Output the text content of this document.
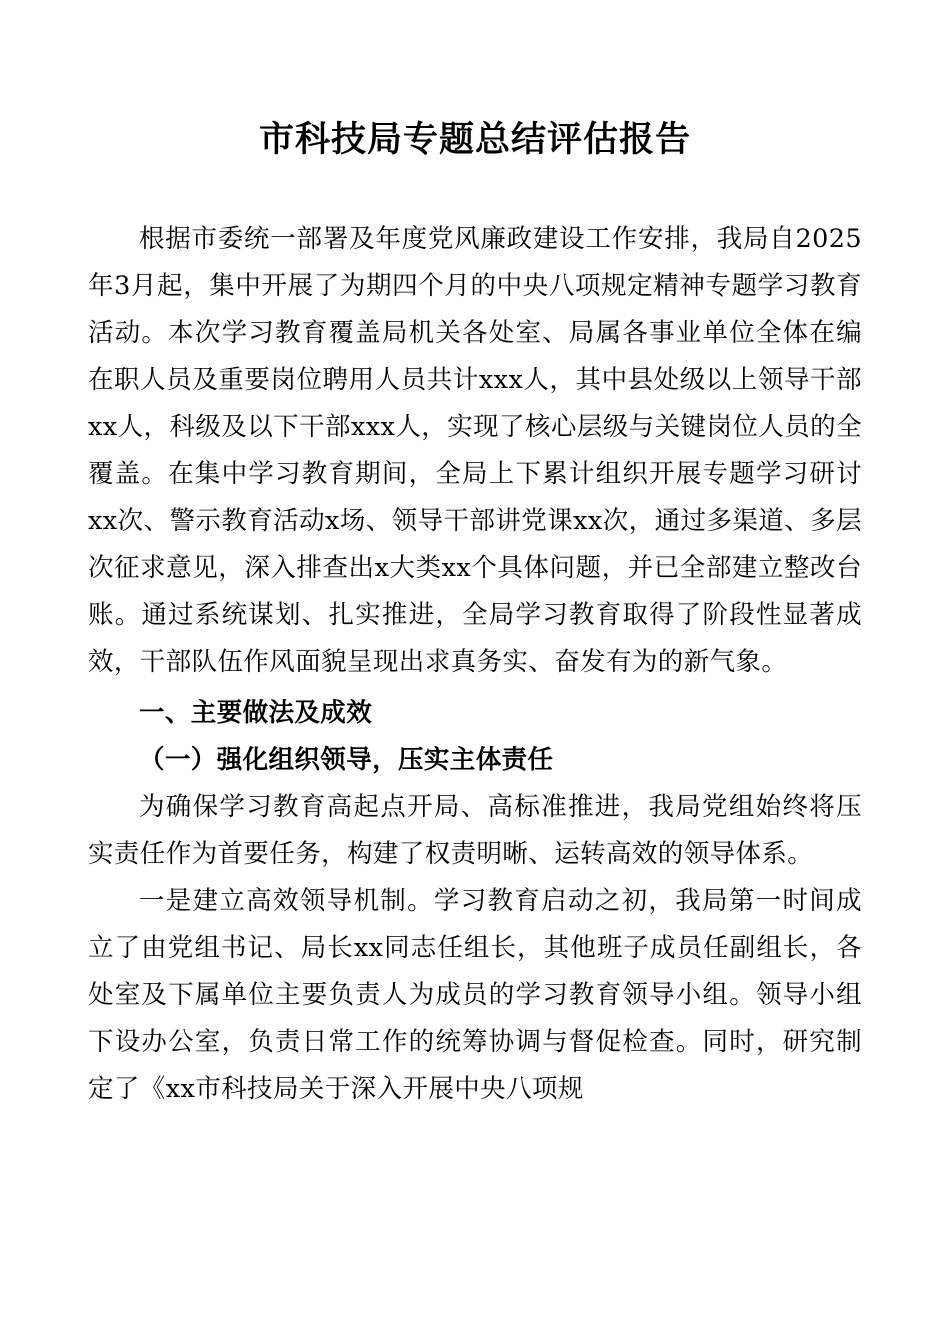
市科技局专题总结评估报告

根据市委统一部署及年度党风廉政建设工作安排，我局自2025年3月起，集中开展了为期四个月的中央八项规定精神专题学习教育活动。本次学习教育覆盖局机关各处室、局属各事业单位全体在编在职人员及重要岗位聘用人员共计xxx人，其中县处级以上领导干部xx人，科级及以下干部xxx人，实现了核心层级与关键岗位人员的全覆盖。在集中学习教育期间，全局上下累计组织开展专题学习研讨xx次、警示教育活动x场、领导干部讲党课xx次，通过多渠道、多层次征求意见，深入排查出x大类xx个具体问题，并已全部建立整改台账。通过系统谋划、扎实推进，全局学习教育取得了阶段性显著成效，干部队伍作风面貌呈现出求真务实、奋发有为的新气象。

一、主要做法及成效

（一）强化组织领导，压实主体责任

为确保学习教育高起点开局、高标准推进，我局党组始终将压实责任作为首要任务，构建了权责明晰、运转高效的领导体系。

一是建立高效领导机制。学习教育启动之初，我局第一时间成立了由党组书记、局长xx同志任组长，其他班子成员任副组长，各处室及下属单位主要负责人为成员的学习教育领导小组。领导小组下设办公室，负责日常工作的统筹协调与督促检查。同时，研究制定了《xx市科技局关于深入开展中央八项规
